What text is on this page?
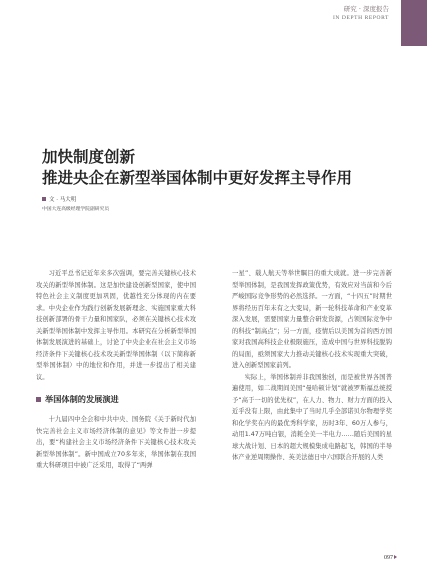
研究 · 深度报告
IN DEPTH REPORT
加快制度创新
推进央企在新型举国体制中更好发挥主导作用
文 · 马大明
中国大连高级经理学院副研究员

习近平总书记近年来多次强调，要完善关键核心技术攻关的新型举国体制。这是加快建设创新型国家，使中国特色社会主义制度更加巩固，优越性充分体现的内在要求。中央企业作为践行创新发展新理念、实施国家重大科技创新部署的骨干力量和国家队，必须在关键核心技术攻关新型举国体制中发挥主导作用。本研究在分析新型举国体制发展演进的基础上，讨论了中央企业在社会主义市场经济条件下关键核心技术攻关新型举国体制（以下简称新型举国体制）中的地位和作用，并进一步提出了相关建议。

举国体制的发展演进

十九届四中全会和中共中央、国务院《关于新时代加快完善社会主义市场经济体制的意见》等文件进一步提出，要“构建社会主义市场经济条件下关键核心技术攻关新型举国体制”。新中国成立70多年来，举国体制在我国重大科研项目中被广泛采用，取得了“两弹

一星”、载人航天等举世瞩目的重大成就。进一步完善新型举国体制，是我国发挥政策优势，有效应对当前和今后严峻国际竞争形势的必然选择。一方面，“十四五”时期世界将经历百年未有之大变局，新一轮科技革命和产业变革深入发展，需要国家力量整合研发资源，占领国际竞争中的科技“制高点”；另一方面，疫情后以美国为首的西方国家对我国高科技企业极限施压，造成中国与世界科技脱钩的局面，亟须国家大力推动关键核心技术实现重大突破，进入创新型国家前列。

实际上，举国体制并非我国独创，而是被世界各国普遍使用，如二战期间美国“曼哈顿计划”就被罗斯福总统授予“高于一切的优先权”，在人力、物力、财力方面的投入近乎没有上限，由此集中了当时几乎全部诺贝尔物理学奖和化学奖在内的最优秀科学家，历时3年、60万人参与，动用1.47万吨白银，消耗全美一半电力……随后美国的星球大战计划、日本的超大规模集成电路起飞，韩国的半导体产业逆周期操作、英美法德日中六国联合开展的人类

097
